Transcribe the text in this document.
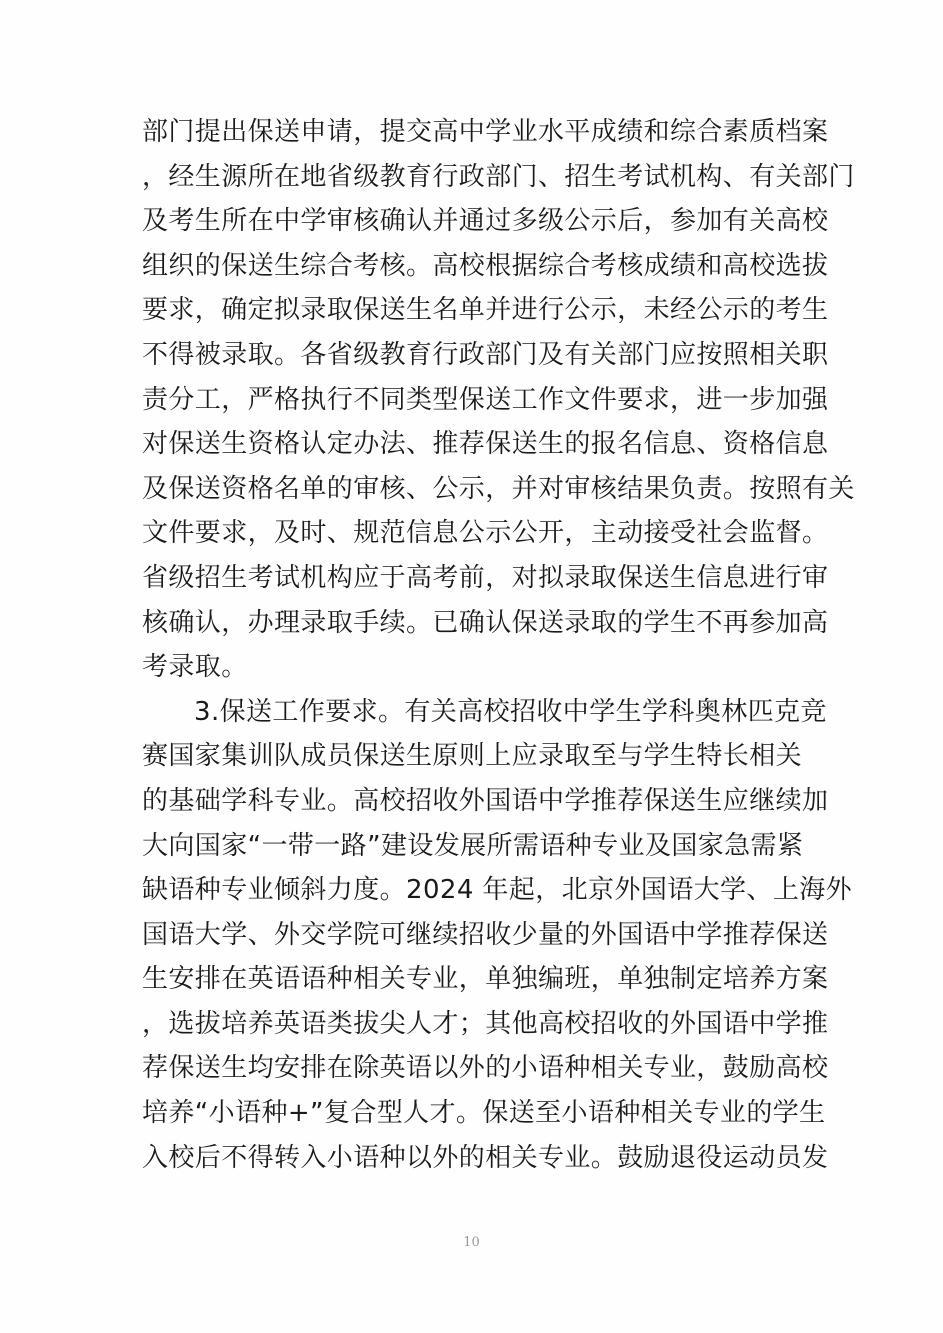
部门提出保送申请，提交高中学业水平成绩和综合素质档案
，经生源所在地省级教育行政部门、招生考试机构、有关部门
及考生所在中学审核确认并通过多级公示后，参加有关高校
组织的保送生综合考核。高校根据综合考核成绩和高校选拔
要求，确定拟录取保送生名单并进行公示，未经公示的考生
不得被录取。各省级教育行政部门及有关部门应按照相关职
责分工，严格执行不同类型保送工作文件要求，进一步加强
对保送生资格认定办法、推荐保送生的报名信息、资格信息
及保送资格名单的审核、公示，并对审核结果负责。按照有关
文件要求，及时、规范信息公示公开，主动接受社会监督。
省级招生考试机构应于高考前，对拟录取保送生信息进行审
核确认，办理录取手续。已确认保送录取的学生不再参加高
考录取。
3.保送工作要求。有关高校招收中学生学科奥林匹克竞
赛国家集训队成员保送生原则上应录取至与学生特长相关
的基础学科专业。高校招收外国语中学推荐保送生应继续加
大向国家“一带一路”建设发展所需语种专业及国家急需紧
缺语种专业倾斜力度。2024 年起，北京外国语大学、上海外
国语大学、外交学院可继续招收少量的外国语中学推荐保送
生安排在英语语种相关专业，单独编班，单独制定培养方案
，选拔培养英语类拔尖人才；其他高校招收的外国语中学推
荐保送生均安排在除英语以外的小语种相关专业，鼓励高校
培养“小语种+”复合型人才。保送至小语种相关专业的学生
入校后不得转入小语种以外的相关专业。鼓励退役运动员发
10
